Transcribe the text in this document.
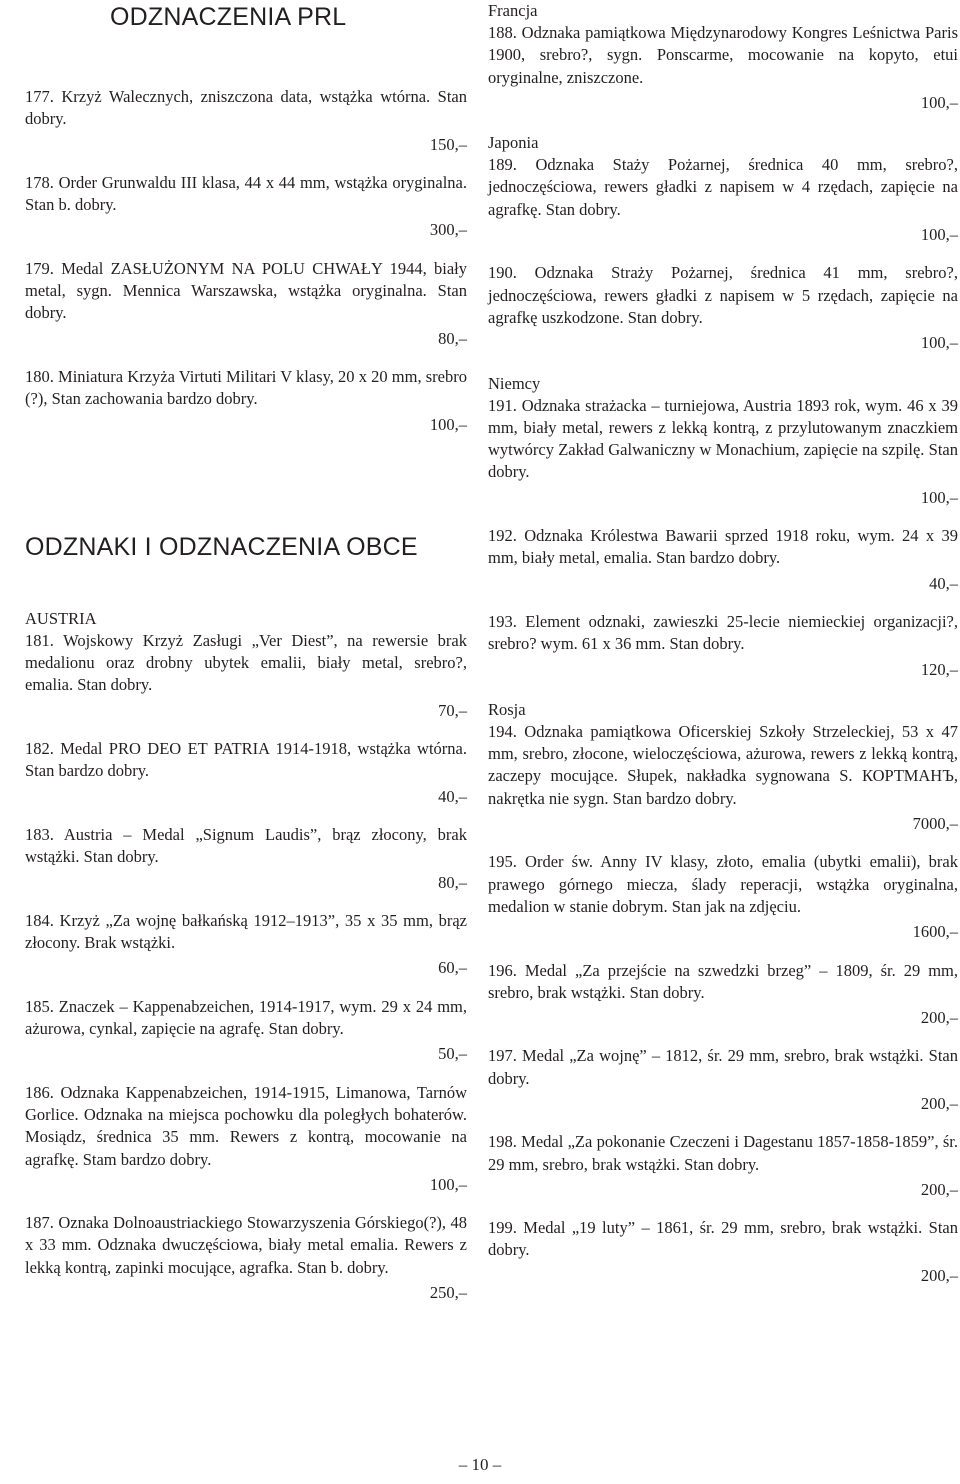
ODZNACZENIA PRL

177. Krzyż Walecznych, zniszczona data, wstążka wtórna. Stan dobry.

150,–

178. Order Grunwaldu III klasa, 44 x 44 mm, wstążka oryginalna. Stan b. dobry.

300,–

179. Medal ZASŁUŻONYM NA POLU CHWAŁY 1944, biały metal, sygn. Mennica Warszawska, wstążka oryginalna. Stan dobry.

80,–

180. Miniatura Krzyża Virtuti Militari V klasy, 20 x 20 mm, srebro (?), Stan zachowania bardzo dobry.

100,–

ODZNAKI I ODZNACZENIA OBCE
AUSTRIA

181. Wojskowy Krzyż Zasługi „Ver Diest”, na rewersie brak medalionu oraz drobny ubytek emalii, biały metal, srebro?, emalia. Stan dobry.

70,–

182. Medal PRO DEO ET PATRIA 1914-1918, wstążka wtórna. Stan bardzo dobry.

40,–

183. Austria – Medal „Signum Laudis”, brąz złocony, brak wstążki. Stan dobry.

80,–

184. Krzyż „Za wojnę bałkańską 1912–1913”, 35 x 35 mm, brąz złocony. Brak wstążki.

60,–

185. Znaczek – Kappenabzeichen, 1914-1917, wym. 29 x 24 mm, ażurowa, cynkal, zapięcie na agrafę. Stan dobry.

50,–

186. Odznaka Kappenabzeichen, 1914-1915, Limanowa, Tarnów Gorlice. Odznaka na miejsca pochowku dla poległych bohaterów. Mosiądz, średnica 35 mm. Rewers z kontrą, mocowanie na agrafkę. Stam bardzo dobry.

100,–

187. Oznaka Dolnoaustriackiego Stowarzyszenia Górskiego(?), 48 x 33 mm. Odznaka dwuczęściowa, biały metal emalia. Rewers z lekką kontrą, zapinki mocujące, agrafka. Stan b. dobry.

250,–

Francja

188. Odznaka pamiątkowa Międzynarodowy Kongres Leśnictwa Paris 1900, srebro?, sygn. Ponscarme, mocowanie na kopyto, etui oryginalne, zniszczone.

100,–

Japonia

189. Odznaka Staży Pożarnej, średnica 40 mm, srebro?, jednoczęściowa, rewers gładki z napisem w 4 rzędach, zapięcie na agrafkę. Stan dobry.

100,–

190. Odznaka Straży Pożarnej, średnica 41 mm, srebro?, jednoczęściowa, rewers gładki z napisem w 5 rzędach, zapięcie na agrafkę uszkodzone. Stan dobry.

100,–

Niemcy

191. Odznaka strażacka – turniejowa, Austria 1893 rok, wym. 46 x 39 mm, biały metal, rewers z lekką kontrą, z przylutowanym znaczkiem wytwórcy Zakład Galwaniczny w Monachium, zapięcie na szpilę. Stan dobry.

100,–

192. Odznaka Królestwa Bawarii sprzed 1918 roku, wym. 24 x 39 mm, biały metal, emalia. Stan bardzo dobry.

40,–

193. Element odznaki, zawieszki 25-lecie niemieckiej organizacji?, srebro? wym. 61 x 36 mm. Stan dobry.

120,–

Rosja

194. Odznaka pamiątkowa Oficerskiej Szkoły Strzeleckiej, 53 x 47 mm, srebro, złocone, wieloczęściowa, ażurowa, rewers z lekką kontrą, zaczepy mocujące. Słupek, nakładka sygnowana S. КОРТМАНЪ, nakrętka nie sygn. Stan bardzo dobry.

7000,–

195. Order św. Anny IV klasy, złoto, emalia (ubytki emalii), brak prawego górnego miecza, ślady reperacji, wstążka oryginalna, medalion w stanie dobrym. Stan jak na zdjęciu.

1600,–

196. Medal „Za przejście na szwedzki brzeg” – 1809, śr. 29 mm, srebro, brak wstążki. Stan dobry.

200,–

197. Medal „Za wojnę” – 1812, śr. 29 mm, srebro, brak wstążki. Stan dobry.

200,–

198. Medal „Za pokonanie Czeczeni i Dagestanu 1857-1858-1859”, śr. 29 mm, srebro, brak wstążki. Stan dobry.

200,–

199. Medal „19 luty” – 1861, śr. 29 mm, srebro, brak wstążki. Stan dobry.

200,–

– 10 –
